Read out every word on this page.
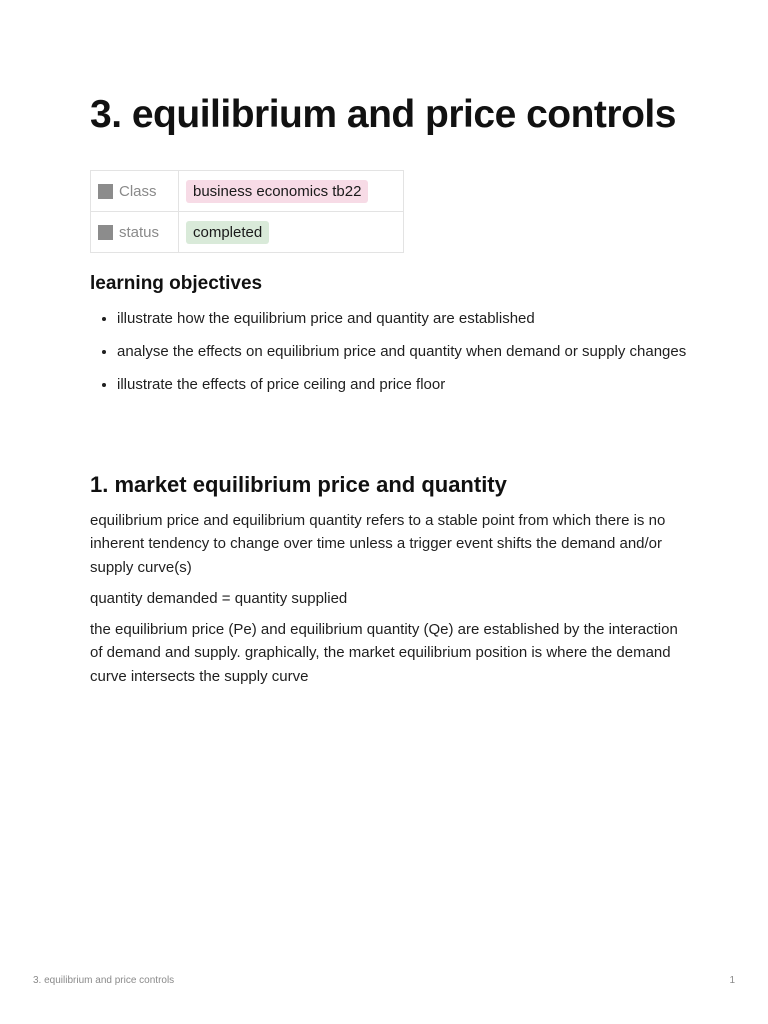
3. equilibrium and price controls
Class	business economics tb22
status	completed
learning objectives
• illustrate how the equilibrium price and quantity are established
• analyse the effects on equilibrium price and quantity when demand or supply changes
• illustrate the effects of price ceiling and price floor
1. market equilibrium price and quantity

equilibrium price and equilibrium quantity refers to a stable point from which there is no inherent tendency to change over time unless a trigger event shifts the demand and/or supply curve(s)

quantity demanded = quantity supplied

the equilibrium price (Pe) and equilibrium quantity (Qe) are established by the interaction of demand and supply. graphically, the market equilibrium position is where the demand curve intersects the supply curve

3. equilibrium and price controls	1
